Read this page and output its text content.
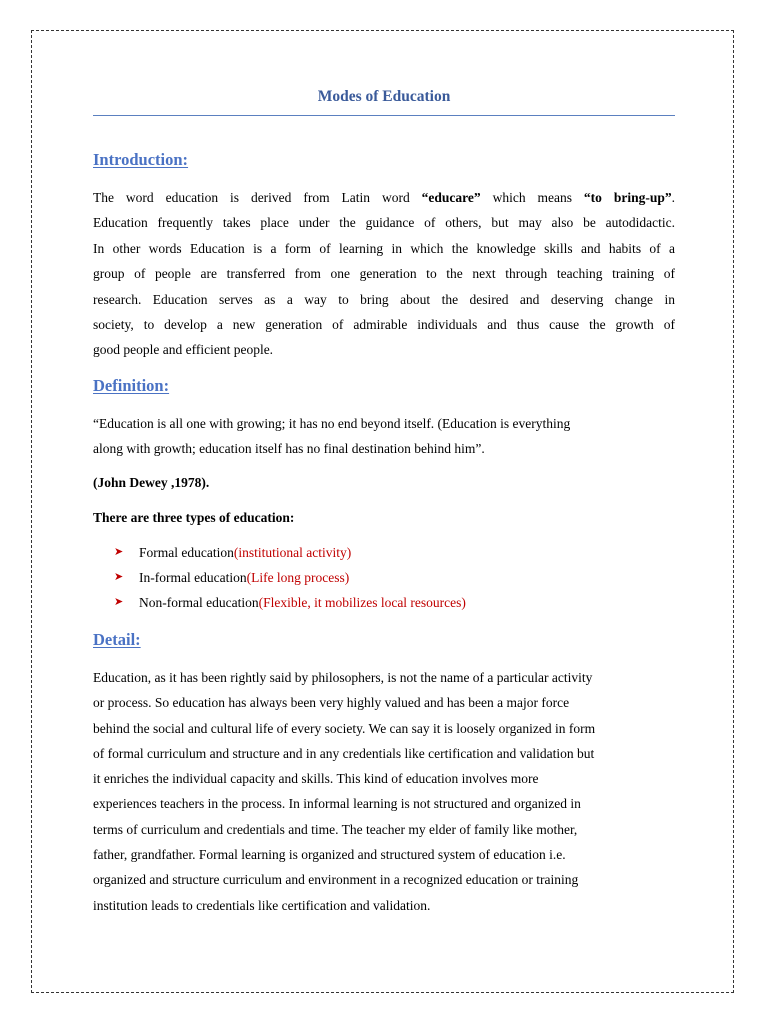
Modes of Education
Introduction:

The word education is derived from Latin word “educare” which means “to bring-up”.
Education frequently takes place under the guidance of others, but may also be autodidactic.
In other words Education is a form of learning in which the knowledge skills and habits of a
group of people are transferred from one generation to the next through teaching training of
research. Education serves as a way to bring about the desired and deserving change in
society, to develop a new generation of admirable individuals and thus cause the growth of
good people and efficient people.

Definition:

“Education is all one with growing; it has no end beyond itself. (Education is everything
along with growth; education itself has no final destination behind him”.

(John Dewey ,1978).

There are three types of education:

➤	Formal education (institutional activity)
➤	In-formal education (Life long process)
➤	Non-formal education (Flexible, it mobilizes local resources)
Detail:

Education, as it has been rightly said by philosophers, is not the name of a particular activity
or process. So education has always been very highly valued and has been a major force
behind the social and cultural life of every society. We can say it is loosely organized in form
of formal curriculum and structure and in any credentials like certification and validation but
it enriches the individual capacity and skills. This kind of education involves more
experiences teachers in the process. In informal learning is not structured and organized in
terms of curriculum and credentials and time. The teacher my elder of family like mother,
father, grandfather. Formal learning is organized and structured system of education i.e.
organized and structure curriculum and environment in a recognized education or training
institution leads to credentials like certification and validation.
